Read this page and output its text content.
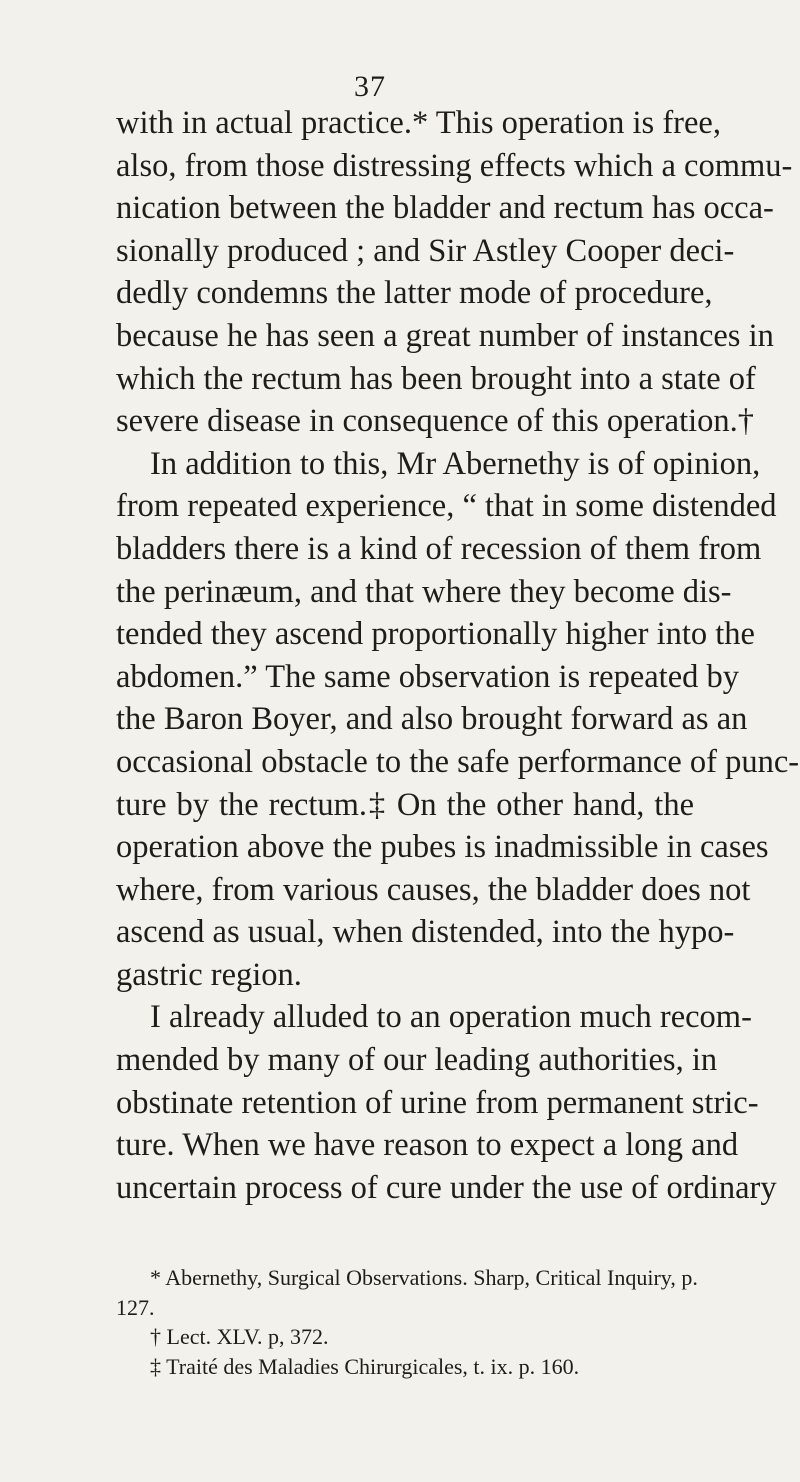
37
with in actual practice.* This operation is free,
also, from those distressing effects which a commu-
nication between the bladder and rectum has occa-
sionally produced ; and Sir Astley Cooper deci-
dedly condemns the latter mode of procedure,
because he has seen a great number of instances in
which the rectum has been brought into a state of
severe disease in consequence of this operation.†
In addition to this, Mr Abernethy is of opinion,
from repeated experience, “ that in some distended
bladders there is a kind of recession of them from
the perinæum, and that where they become dis-
tended they ascend proportionally higher into the
abdomen.” The same observation is repeated by
the Baron Boyer, and also brought forward as an
occasional obstacle to the safe performance of punc-
ture by the rectum.‡ On the other hand, the
operation above the pubes is inadmissible in cases
where, from various causes, the bladder does not
ascend as usual, when distended, into the hypo-
gastric region.
I already alluded to an operation much recom-
mended by many of our leading authorities, in
obstinate retention of urine from permanent stric-
ture. When we have reason to expect a long and
uncertain process of cure under the use of ordinary
* Abernethy, Surgical Observations. Sharp, Critical Inquiry, p.
127.
† Lect. XLV. p, 372.
‡ Traité des Maladies Chirurgicales, t. ix. p. 160.
